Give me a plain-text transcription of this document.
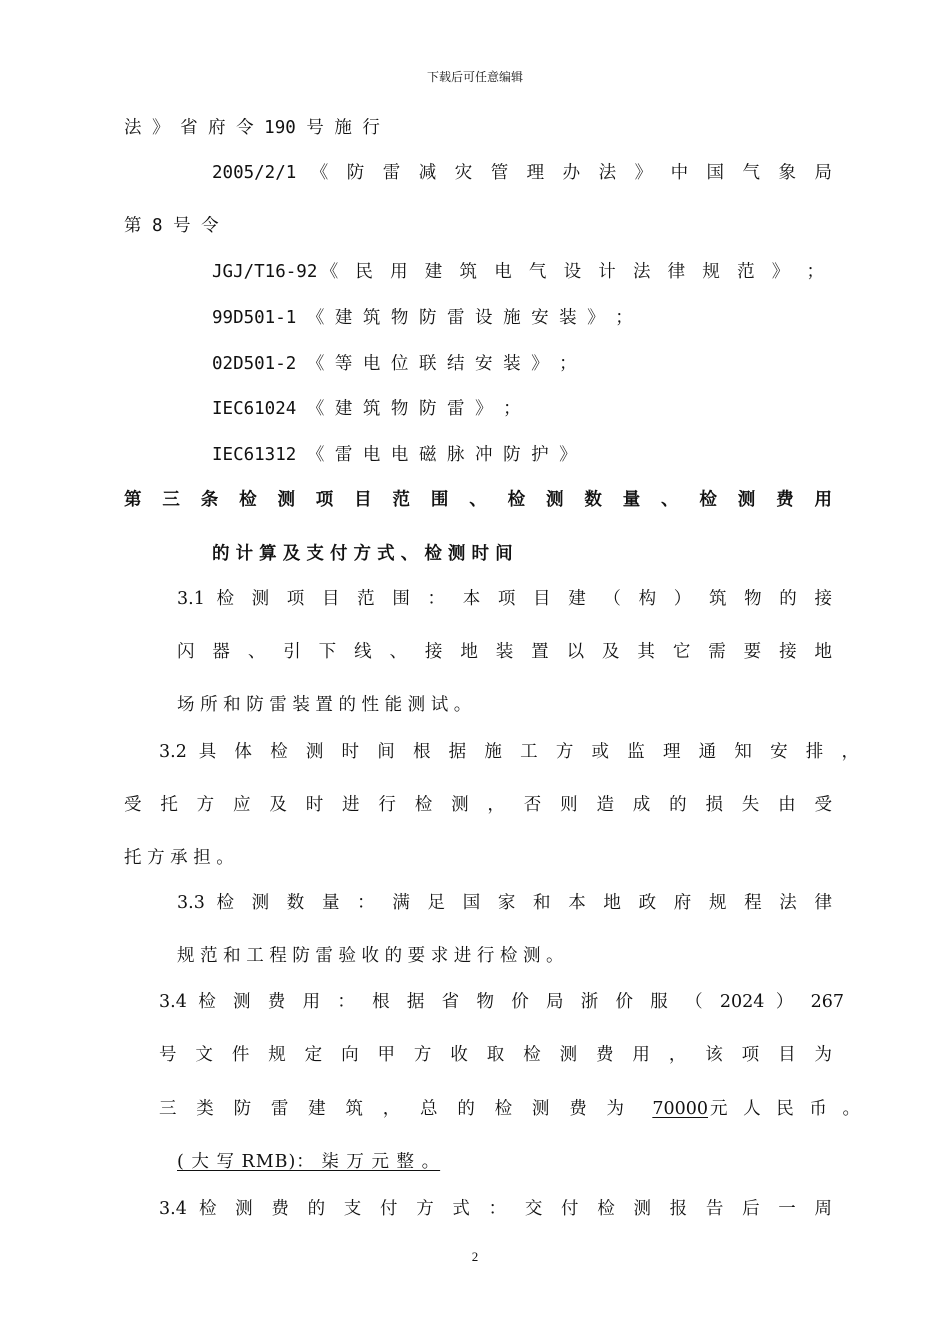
下载后可任意编辑
法 》 省 府 令 190 号 施 行
2005/2/1 《 防 雷 减 灾 管 理 办 法 》 中 国 气 象 局
第 8 号 令
JGJ/T16-92《 民 用 建 筑 电 气 设 计 法 律 规 范 》 ；
99D501-1 《 建 筑 物 防 雷 设 施 安 装 》 ；
02D501-2 《 等 电 位 联 结 安 装 》 ；
IEC61024 《 建 筑 物 防 雷 》 ；
IEC61312 《 雷 电 电 磁 脉 冲 防 护 》
第 三 条 检 测 项 目 范 围 、 检 测 数 量 、 检 测 费 用
的 计 算 及 支 付 方 式 、 检 测 时 间
3.1 检 测 项 目 范 围 ： 本 项 目 建 （ 构 ） 筑 物 的 接
闪 器 、 引 下 线 、 接 地 装 置 以 及 其 它 需 要 接 地
场 所 和 防 雷 装 置 的 性 能 测 试 。
3.2 具 体 检 测 时 间 根 据 施 工 方 或 监 理 通 知 安 排 ，
受 托 方 应 及 时 进 行 检 测 ， 否 则 造 成 的 损 失 由 受
托 方 承 担 。
3.3 检 测 数 量 ： 满 足 国 家 和 本 地 政 府 规 程 法 律
规 范 和 工 程 防 雷 验 收 的 要 求 进 行 检 测 。
3.4 检 测 费 用 ： 根 据 省 物 价 局 浙 价 服 （ 2024 ） 267
号 文 件 规 定 向 甲 方 收 取 检 测 费 用 ， 该 项 目 为
三 类 防 雷 建 筑 ， 总 的 检 测 费 为	70000 元 人 民 币 。
( 大 写 RMB)： 柒 万 元 整 。
3.4 检 测 费 的 支 付 方 式 ： 交 付 检 测 报 告 后 一 周
2
